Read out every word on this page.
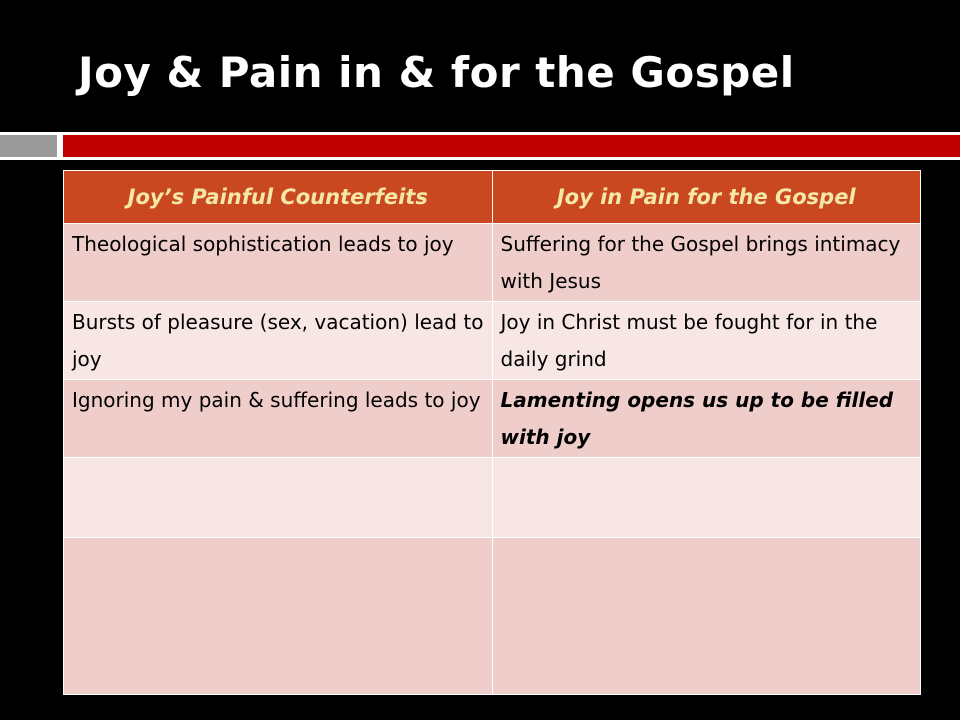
Joy & Pain in & for the Gospel
Joy’s Painful Counterfeits	Joy in Pain for the Gospel
Theological sophistication leads to joy	Suffering for the Gospel brings intimacy with Jesus
Bursts of pleasure (sex, vacation) lead to joy	Joy in Christ must be fought for in the daily grind
Ignoring my pain & suffering leads to joy	Lamenting opens us up to be filled with joy
